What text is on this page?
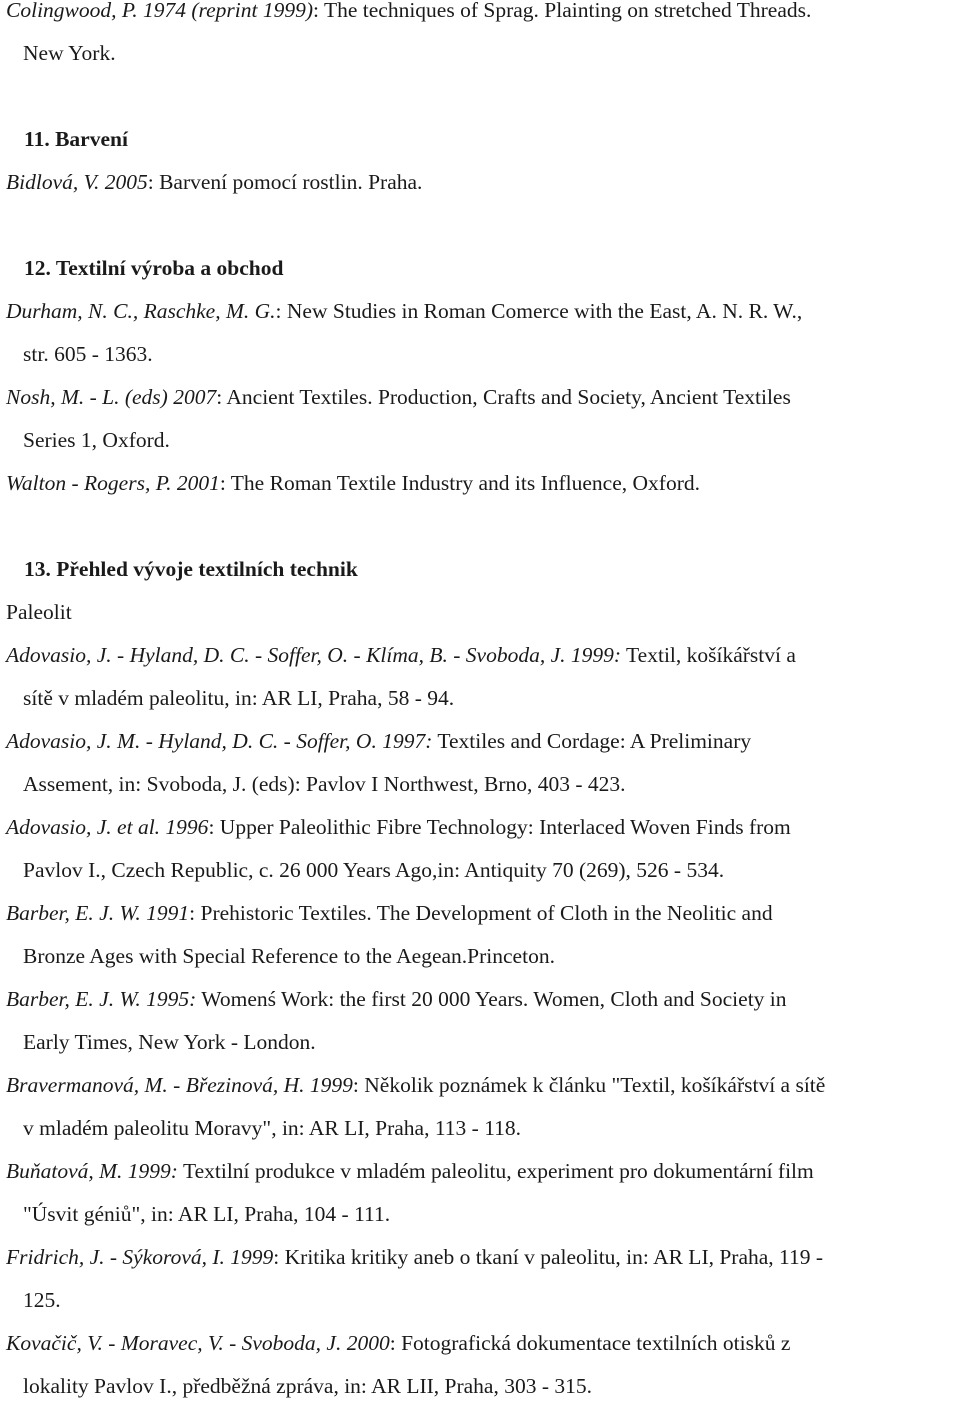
Colingwood, P. 1974 (reprint 1999): The techniques of Sprag. Plainting on stretched Threads.
New York.
11. Barvení
Bidlová, V. 2005: Barvení pomocí rostlin. Praha.
12. Textilní výroba a obchod
Durham, N. C., Raschke, M. G.: New Studies in Roman Comerce with the East, A. N. R. W.,
str. 605 - 1363.
Nosh, M. - L. (eds) 2007: Ancient Textiles. Production, Crafts and Society, Ancient Textiles
Series 1, Oxford.
Walton - Rogers, P. 2001: The Roman Textile Industry and its Influence, Oxford.
13. Přehled vývoje textilních technik
Paleolit
Adovasio, J. - Hyland, D. C. - Soffer, O. - Klíma, B. - Svoboda, J. 1999: Textil, košíkářství a
sítě v mladém paleolitu, in: AR LI, Praha, 58 - 94.
Adovasio, J. M. - Hyland, D. C. - Soffer, O. 1997: Textiles and Cordage: A Preliminary
Assement, in: Svoboda, J. (eds): Pavlov I Northwest, Brno, 403 - 423.
Adovasio, J. et al. 1996: Upper Paleolithic Fibre Technology: Interlaced Woven Finds from
Pavlov I., Czech Republic, c. 26 000 Years Ago,in: Antiquity 70 (269), 526 - 534.
Barber, E. J. W. 1991: Prehistoric Textiles. The Development of Cloth in the Neolitic and
Bronze Ages with Special Reference to the Aegean.Princeton.
Barber, E. J. W. 1995: Womenś Work: the first 20 000 Years. Women, Cloth and Society in
Early Times, New York - London.
Bravermanová, M. - Březinová, H. 1999: Několik poznámek k článku "Textil, košíkářství a sítě
v mladém paleolitu Moravy", in: AR LI, Praha, 113 - 118.
Buňatová, M. 1999: Textilní produkce v mladém paleolitu, experiment pro dokumentární film
"Úsvit géniů", in: AR LI, Praha, 104 - 111.
Fridrich, J. - Sýkorová, I. 1999: Kritika kritiky aneb o tkaní v paleolitu, in: AR LI, Praha, 119 -
125.
Kovačič, V. - Moravec, V. - Svoboda, J. 2000: Fotografická dokumentace textilních otisků z
lokality Pavlov I., předběžná zpráva, in: AR LII, Praha, 303 - 315.
